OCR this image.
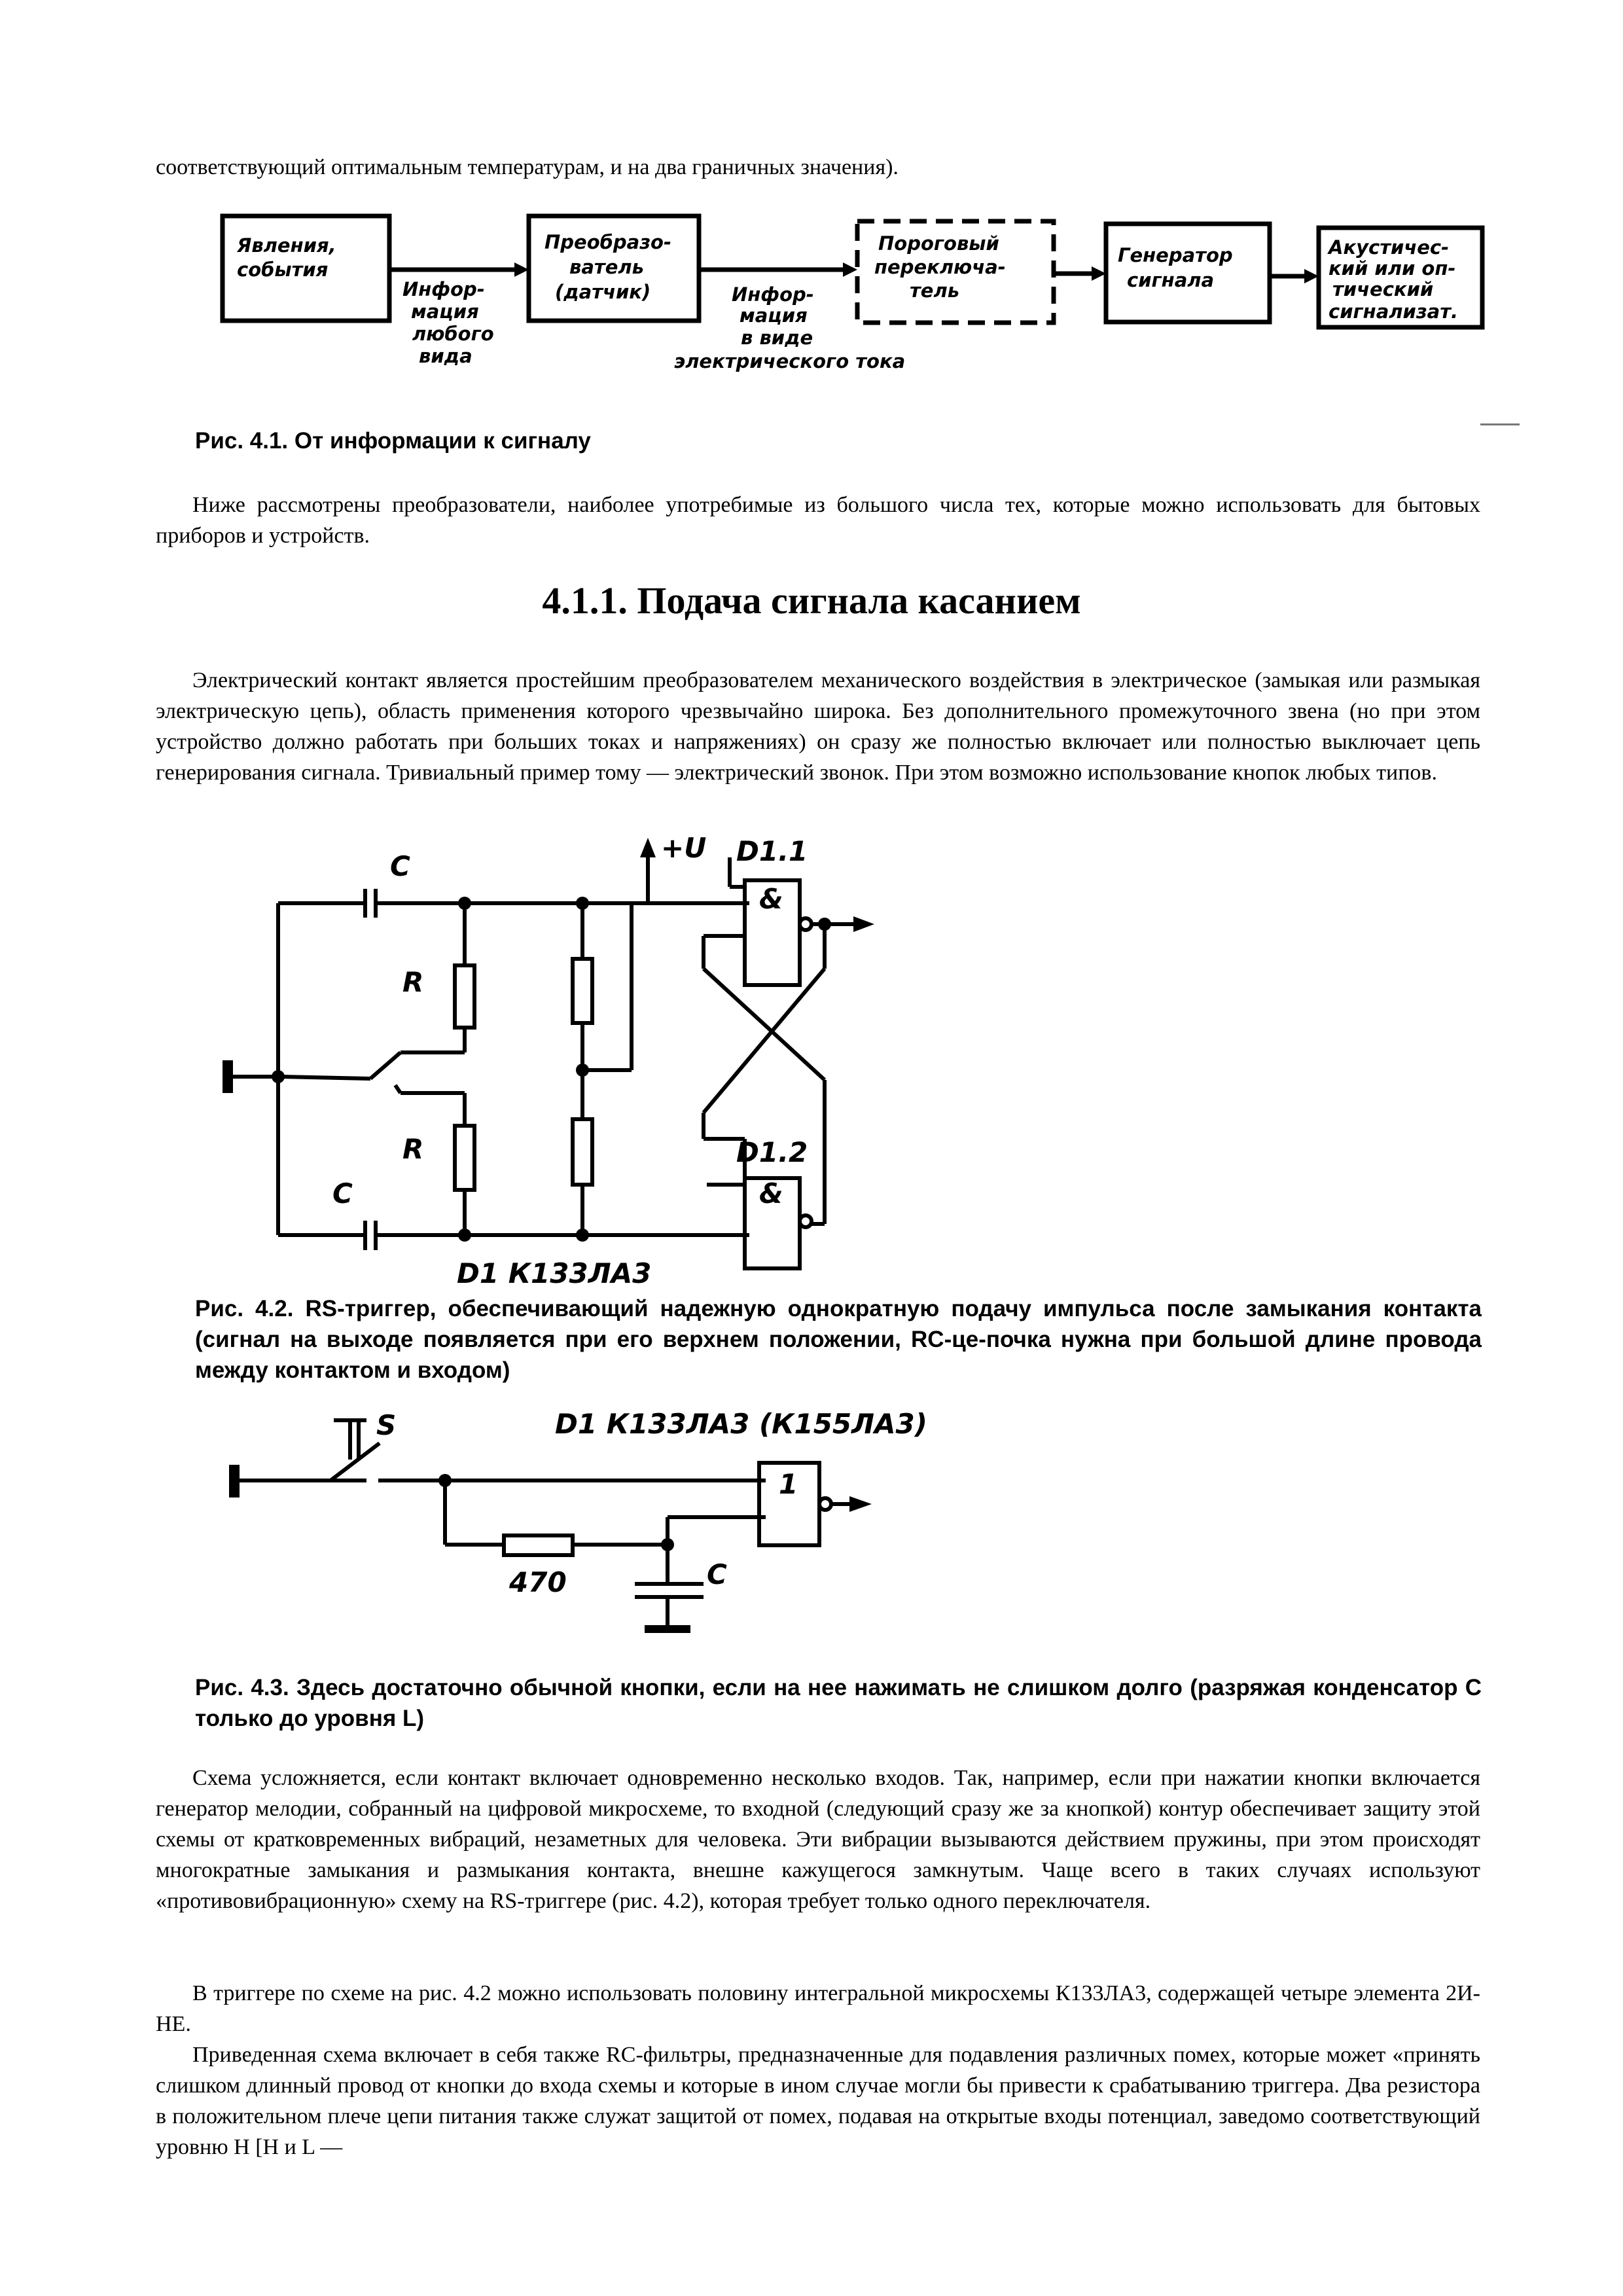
соответствующий оптимальным температурам, и на два граничных значения).
Явления,
события
Преобразо-
ватель
(датчик)
Пороговый
переключа-
тель
Генератор
сигнала
Акустичес-
кий или оп-
тический
сигнализат.
Инфор-
мация
любого
вида
Инфор-
мация
в виде
электрического тока
Рис. 4.1. От информации к сигналу
Ниже рассмотрены преобразователи, наиболее употребимые из большого числа тех, которые можно использовать для бытовых приборов и устройств.
4.1.1. Подача сигнала касанием
Электрический контакт является простейшим преобразователем механического воздействия в электрическое (замыкая или размыкая электрическую цепь), область применения которого чрезвычайно широка. Без дополнительного промежуточного звена (но при этом устройство должно работать при больших токах и напряжениях) он сразу же полностью включает или полностью выключает цепь генерирования сигнала. Тривиальный пример тому — электрический звонок. При этом возможно использование кнопок любых типов.
C
C
R
R
+U D1.1
D1.2
&
&
D1 К133ЛА3
Рис. 4.2. RS-триггер, обеспечивающий надежную однократную подачу импульса после замыкания контакта (сигнал на выходе появляется при его верхнем положении, RC-це-почка нужна при большой длине провода между контактом и входом)
S	D1 К133ЛА3 (К155ЛА3)
1
470	C
Рис. 4.3. Здесь достаточно обычной кнопки, если на нее нажимать не слишком долго (разряжая конденсатор C только до уровня L)
Схема усложняется, если контакт включает одновременно несколько входов. Так, например, если при нажатии кнопки включается генератор мелодии, собранный на цифровой микросхеме, то входной (следующий сразу же за кнопкой) контур обеспечивает защиту этой схемы от кратковременных вибраций, незаметных для человека. Эти вибрации вызываются действием пружины, при этом происходят многократные замыкания и размыкания контакта, внешне кажущегося замкнутым. Чаще всего в таких случаях используют «противовибрационную» схему на RS-триггере (рис. 4.2), которая требует только одного переключателя.
В триггере по схеме на рис. 4.2 можно использовать половину интегральной микросхемы К133ЛА3, содержащей четыре элемента 2И-НЕ.
Приведенная схема включает в себя также RC-фильтры, предназначенные для подавления различных помех, которые может «принять слишком длинный провод от кнопки до входа схемы и которые в ином случае могли бы привести к срабатыванию триггера. Два резистора в положительном плече цепи питания также служат защитой от помех, подавая на открытые входы потенциал, заведомо соответствующий уровню H [H и L —
